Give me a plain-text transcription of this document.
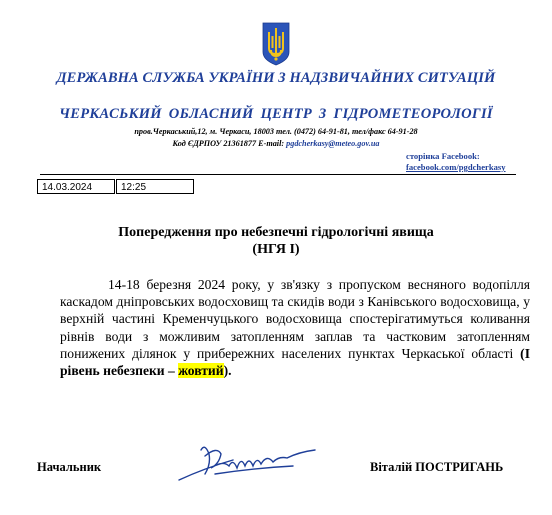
ДЕРЖАВНА СЛУЖБА УКРАЇНИ З НАДЗВИЧАЙНИХ СИТУАЦІЙ
ЧЕРКАСЬКИЙ ОБЛАСНИЙ ЦЕНТР З ГІДРОМЕТЕОРОЛОГІЇ
пров.Черкаський,12, м. Черкаси, 18003 тел. (0472) 64-91-81, тел/факс 64-91-28
Код ЄДРПОУ 21361877 E-mail: pgdcherkasy@meteo.gov.ua
сторінка Facebook:
facebook.com/pgdcherkasy
14.03.2024	12:25
Попередження про небезпечні гідрологічні явища
(НГЯ І)
14-18 березня 2024 року, у зв'язку з пропуском весняного водопілля каскадом дніпровських водосховищ та скидів води з Канівського водосховища, у верхній частині Кременчуцького водосховища спостерігатимуться коливання рівнів води з можливим затопленням заплав та частковим затопленням понижених ділянок у прибережних населених пунктах Черкаської області (І рівень небезпеки – жовтий).
Начальник	Віталій ПОСТРИГАНЬ
